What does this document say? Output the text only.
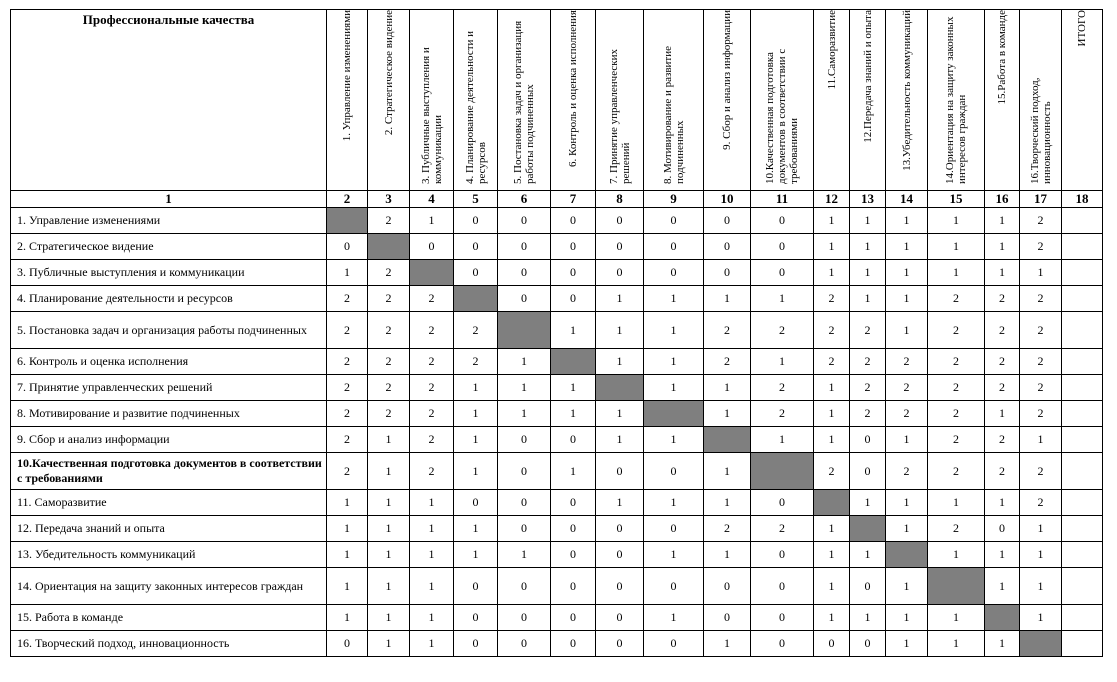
Профессиональные качества	1. Управление изменениями	2. Стратегическое видение	3. Публичные выступления и коммуникации	4. Планирование деятельности и ресурсов	5. Постановка задач и организация работы подчиненных	6. Контроль и оценка исполнения	7. Принятие управленческих решений	8. Мотивирование и развитие подчиненных	9. Сбор и анализ информации	10.Качественная подготовка документов в соответствии с требованиями	11.Саморазвитие	12.Передача знаний и опыта	13.Убедительность коммуникаций	14.Ориентация на защиту законных интересов граждан	15.Работа в команде	16.Творческий подход, инновационность	ИТОГО

1	2	3	4	5	6	7	8	9	10	11	12	13	14	15	16	17	18
1. Управление изменениями		2	1	0	0	0	0	0	0	0	1	1	1	1	1	2	
2. Стратегическое видение	0		0	0	0	0	0	0	0	0	1	1	1	1	1	2	
3. Публичные выступления и коммуникации	1	2		0	0	0	0	0	0	0	1	1	1	1	1	1	
4. Планирование деятельности и ресурсов	2	2	2		0	0	1	1	1	1	2	1	1	2	2	2	
5. Постановка задач и организация работы подчиненных	2	2	2	2		1	1	1	2	2	2	2	1	2	2	2	
6. Контроль и оценка исполнения	2	2	2	2	1		1	1	2	1	2	2	2	2	2	2	
7. Принятие управленческих решений	2	2	2	1	1	1		1	1	2	1	2	2	2	2	2	
8. Мотивирование и развитие подчиненных	2	2	2	1	1	1	1		1	2	1	2	2	2	1	2	
9. Сбор и анализ информации	2	1	2	1	0	0	1	1		1	1	0	1	2	2	1	
10.Качественная подготовка документов в соответствии с требованиями	2	1	2	1	0	1	0	0	1		2	0	2	2	2	2	
11. Саморазвитие	1	1	1	0	0	0	1	1	1	0		1	1	1	1	2	
12. Передача знаний и опыта	1	1	1	1	0	0	0	0	2	2	1		1	2	0	1	
13. Убедительность коммуникаций	1	1	1	1	1	0	0	1	1	0	1	1		1	1	1	
14. Ориентация на защиту законных интересов граждан	1	1	1	0	0	0	0	0	0	0	1	0	1		1	1	
15. Работа в команде	1	1	1	0	0	0	0	1	0	0	1	1	1	1		1	
16. Творческий подход, инновационность	0	1	1	0	0	0	0	0	1	0	0	0	1	1	1		
